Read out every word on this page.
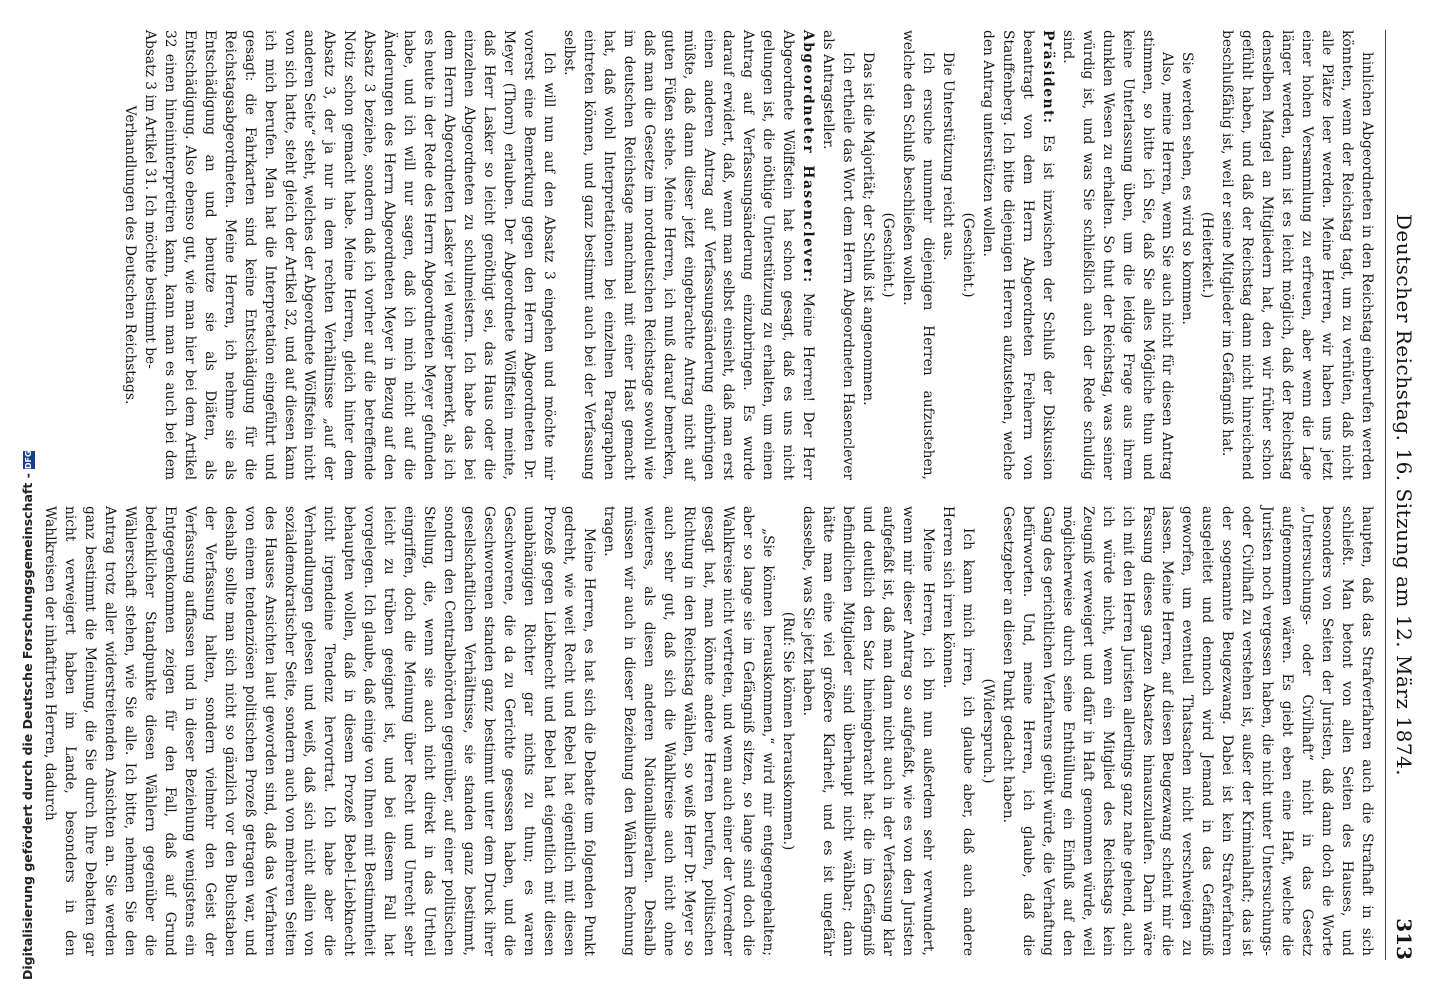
Deutscher Reichstag. 16. Sitzung am 12. März 1874.
313

hinlichen Abgeordneten in den Reichstag einberufen werden könnten, wenn der Reichstag tagt, um zu verhüten, daß nicht alle Plätze leer werden. Meine Herren, wir haben uns jetzt einer hohen Versammlung zu erfreuen, aber wenn die Lage länger werden, dann ist es leicht möglich, daß der Reichstag denselben Mangel an Mitgliedern hat, den wir früher schon gefühlt haben, und daß der Reichstag dann nicht hinreichend beschlußfähig ist, weil er seine Mitglieder im Gefängniß hat.

(Heiterkeit.)

Sie werden sehen, es wird so kommen.

Also, meine Herren, wenn Sie auch nicht für diesen Antrag stimmen, so bitte ich Sie, daß Sie alles Mögliche thun und keine Unterlassung üben, um die leidige Frage aus ihrem dunklen Wesen zu erhalten. So thut der Reichstag, was seiner würdig ist, und was Sie schließlich auch der Rede schuldig sind.

Präsident: Es ist inzwischen der Schluß der Diskussion beantragt von dem Herrn Abgeordneten Freiherrn von Stauffenberg. Ich bitte diejenigen Herren aufzustehen, welche den Antrag unterstützen wollen.

(Geschieht.)

Die Unterstützung reicht aus.

Ich ersuche nunmehr diejenigen Herren aufzustehen, welche den Schluß beschließen wollen.

(Geschieht.)

Das ist die Majorität; der Schluß ist angenommen.

Ich ertheile das Wort dem Herrn Abgeordneten Hasenclever als Antragsteller.

Abgeordneter Hasenclever: Meine Herren! Der Herr Abgeordnete Wölffstein hat schon gesagt, daß es uns nicht gelungen ist, die nöthige Unterstützung zu erhalten, um einen Antrag auf Verfassungsänderung einzubringen. Es wurde darauf erwidert, daß, wenn man selbst einsieht, daß man erst einen anderen Antrag auf Verfassungsänderung einbringen müßte, daß dann dieser jetzt eingebrachte Antrag nicht auf guten Füßen stehe. Meine Herren, ich muß darauf bemerken, daß man die Gesetze im norddeutschen Reichstage sowohl wie im deutschen Reichstage manchmal mit einer Hast gemacht hat, daß wohl Interpretationen bei einzelnen Paragraphen eintreten können, und ganz bestimmt auch bei der Verfassung selbst.

Ich will nun auf den Absatz 3 eingehen und möchte mir vorerst eine Bemerkung gegen den Herrn Abgeordneten Dr. Meyer (Thorn) erlauben. Der Abgeordnete Wölffstein meinte, daß Herr Lasker so leicht genöthigt sei, das Haus oder die einzelnen Abgeordneten zu schulmeistern. Ich habe das bei dem Herrn Abgeordneten Lasker viel weniger bemerkt, als ich es heute in der Rede des Herrn Abgeordneten Meyer gefunden habe, und ich will nur sagen, daß ich mich nicht auf die Änderungen des Herrn Abgeordneten Meyer in Bezug auf den Absatz 3 beziehe, sondern daß ich vorher auf die betreffende Notiz schon gemacht habe. Meine Herren, gleich hinter dem Absatz 3, der ja nur in dem rechten Verhältnisse „auf der anderen Seite“ steht, welches der Abgeordnete Wölffstein nicht von sich hatte, steht gleich der Artikel 32, und auf diesen kann ich mich berufen. Man hat die Interpretation eingeführt und gesagt: die Fahrkarten sind keine Entschädigung für die Reichstagsabgeordneten. Meine Herren, ich nehme sie als Entschädigung an und benutze sie als Diäten, als Entschädigung. Also ebenso gut, wie man hier bei dem Artikel 32 einen hineininterpretiren kann, kann man es auch bei dem Absatz 3 im Artikel 31. Ich möchte bestimmt be-

Verhandlungen des Deutschen Reichstags.

haupten, daß das Strafverfahren auch die Strafhaft in sich schließt. Man betont von allen Seiten des Hauses, und besonders von Seiten der Juristen, daß dann doch die Worte „Untersuchungs- oder Civilhaft“ nicht in das Gesetz aufgenommen wären. Es giebt eben eine Haft, welche die Juristen noch vergessen haben, die nicht unter Untersuchungs- oder Civilhaft zu verstehen ist, außer der Kriminalhaft; das ist der sogenannte Beugezwang. Dabei ist kein Strafverfahren ausgeleitet und dennoch wird Jemand in das Gefängniß geworfen, um eventuell Thatsachen nicht verschweigen zu lassen. Meine Herren, auf diesen Beugezwang scheint mir die Fassung dieses ganzen Absatzes hinauszulaufen. Darin wäre ich mit den Herren Juristen allerdings ganz nahe gehend, auch ich würde nicht, wenn ein Mitglied des Reichstags kein Zeugniß verweigert und dafür in Haft genommen würde, weil möglicherweise durch seine Enthüllung ein Einfluß auf den Gang des gerichtlichen Verfahrens geübt würde, die Verhaftung befürworten. Und, meine Herren, ich glaube, daß die Gesetzgeber an diesen Punkt gedacht haben.

(Widerspruch.)

Ich kann mich irren, ich glaube aber, daß auch andere Herren sich irren können.

Meine Herren, ich bin nun außerdem sehr verwundert, wenn mir dieser Antrag so aufgefaßt, wie es von den Juristen aufgefaßt ist, daß man dann nicht auch in der Verfassung klar und deutlich den Satz hineingebracht hat: die im Gefängniß befindlichen Mitglieder sind überhaupt nicht wählbar; dann hätte man eine viel größere Klarheit, und es ist ungefähr dasselbe, was Sie jetzt haben.

(Ruf: Sie können herauskommen.)

„Sie können herauskommen,“ wird mir entgegengehalten; aber so lange sie im Gefängniß sitzen, so lange sind doch die Wahlkreise nicht vertreten, und wenn auch einer der Vorredner gesagt hat, man könnte andere Herren berufen, politischen Richtung in den Reichstag wählen, so weiß Herr Dr. Meyer so auch sehr gut, daß sich die Wahlkreise auch nicht ohne weiteres, als diesen anderen Nationalliberalen. Deshalb müssen wir auch in dieser Beziehung den Wählern Rechnung tragen.

Meine Herren, es hat sich die Debatte um folgenden Punkt gedreht, wie weit Recht und Rebel hat eigentlich mit diesen Prozeß gegen Liebknecht und Bebel hat eigentlich mit diesen unabhängigen Richter gar nichts zu thun; es waren Geschworene, die da zu Gerichte gesessen haben, und die Geschworenen standen ganz bestimmt unter dem Druck ihrer gesellschaftlichen Verhältnisse, sie standen ganz bestimmt, sondern den Centralbehörden gegenüber, auf einer politischen Stellung, die, wenn sie auch nicht direkt in das Urtheil eingriffen, doch die Meinung über Recht und Unrecht sehr leicht zu trüben geeignet ist, und bei diesem Fall hat vorgelegen. Ich glaube, daß einige von Ihnen mit Bestimmtheit behaupten wollen, daß in diesem Prozeß Bebel-Liebknecht nicht irgendeine Tendenz hervortrat. Ich habe aber die Verhandlungen gelesen und weiß, daß sich nicht allein von sozialdemokratischer Seite, sondern auch von mehreren Seiten des Hauses Ansichten laut geworden sind, daß das Verfahren von einem tendenziösen politischen Prozeß getragen war, und deshalb sollte man sich nicht so gänzlich vor den Buchstaben der Verfassung halten, sondern vielmehr den Geist der Verfassung auffassen und in dieser Beziehung wenigstens ein Entgegenkommen zeigen für den Fall, daß auf Grund bedenklicher Standpunkte diesen Wählern gegenüber die Wählerschaft stehen, wie Sie alle. Ich bitte, nehmen Sie den Antrag trotz aller widerstreitenden Ansichten an. Sie werden ganz bestimmt die Meinung, die Sie durch Ihre Debatten gar nicht verweigert haben im Lande, besonders in den Wahlkreisen der inhaftirten Herren, dadurch

Digitalisierung gefördert durch die Deutsche Forschungsgemeinschaft -DFG
